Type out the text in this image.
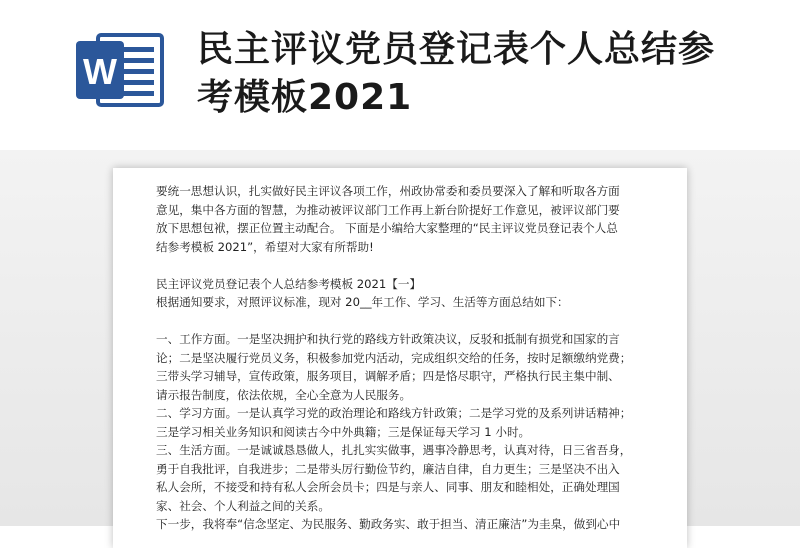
W
民主评议党员登记表个人总结参
考模板2021

要统一思想认识，扎实做好民主评议各项工作，州政协常委和委员要深入了解和听取各方面

意见，集中各方面的智慧，为推动被评议部门工作再上新台阶提好工作意见，被评议部门要

放下思想包袱，摆正位置主动配合。 下面是小编给大家整理的“民主评议党员登记表个人总

结参考模板 2021”，希望对大家有所帮助!

民主评议党员登记表个人总结参考模板 2021【一】

根据通知要求，对照评议标准，现对 20__年工作、学习、生活等方面总结如下：

一、工作方面。一是坚决拥护和执行党的路线方针政策决议，反驳和抵制有损党和国家的言

论；二是坚决履行党员义务，积极参加党内活动，完成组织交给的任务，按时足额缴纳党费；

三带头学习辅导，宣传政策，服务项目，调解矛盾；四是恪尽职守，严格执行民主集中制、

请示报告制度，依法依规，全心全意为人民服务。

二、学习方面。一是认真学习党的政治理论和路线方针政策；二是学习党的及系列讲话精神；

三是学习相关业务知识和阅读古今中外典籍；三是保证每天学习 1 小时。

三、生活方面。一是诚诚恳恳做人，扎扎实实做事，遇事冷静思考，认真对待，日三省吾身，

勇于自我批评，自我进步；二是带头厉行勤俭节约，廉洁自律，自力更生；三是坚决不出入

私人会所，不接受和持有私人会所会员卡；四是与亲人、同事、朋友和睦相处，正确处理国

家、社会、个人利益之间的关系。

下一步，我将奉“信念坚定、为民服务、勤政务实、敢于担当、清正廉洁”为圭臬，做到心中
